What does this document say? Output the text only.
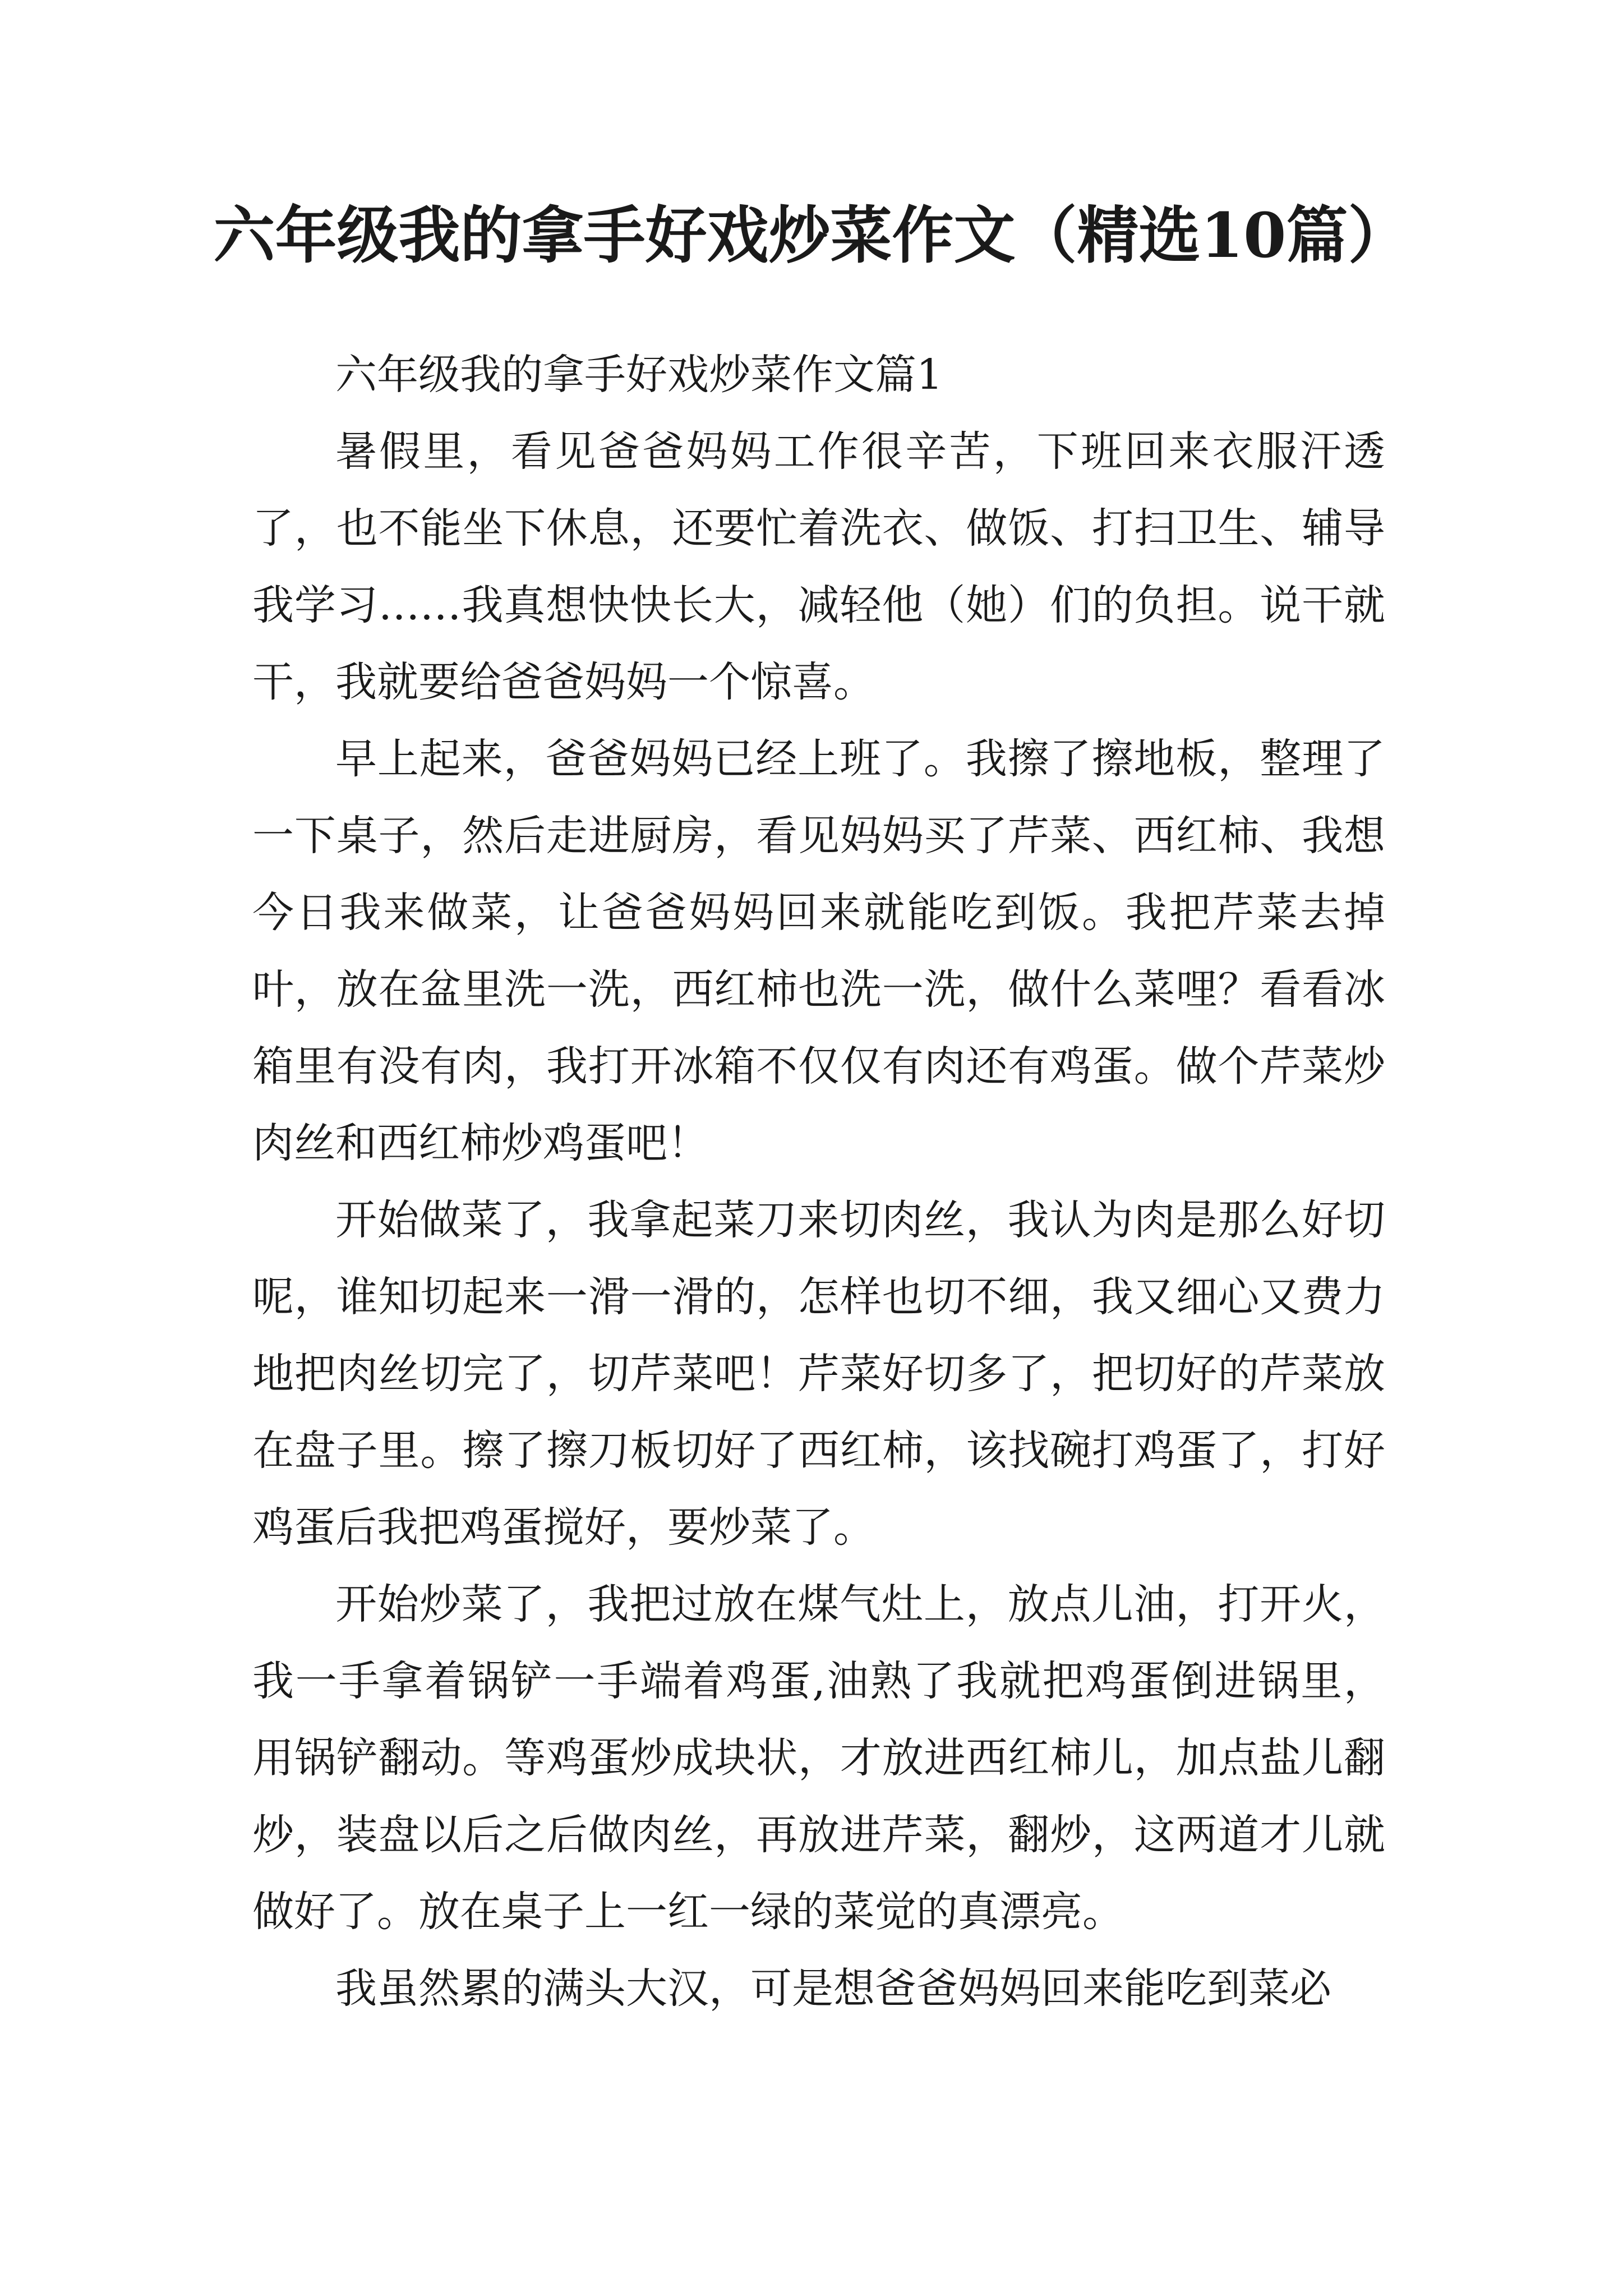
六年级我的拿手好戏炒菜作文（精选10篇）

六年级我的拿手好戏炒菜作文篇1

暑假里，看见爸爸妈妈工作很辛苦，下班回来衣服汗透了，也不能坐下休息，还要忙着洗衣、做饭、打扫卫生、辅导我学习……我真想快快长大，减轻他（她）们的负担。说干就干，我就要给爸爸妈妈一个惊喜。

早上起来，爸爸妈妈已经上班了。我擦了擦地板，整理了一下桌子，然后走进厨房，看见妈妈买了芹菜、西红柿、我想今日我来做菜，让爸爸妈妈回来就能吃到饭。我把芹菜去掉叶，放在盆里洗一洗，西红柿也洗一洗，做什么菜哩？看看冰箱里有没有肉，我打开冰箱不仅仅有肉还有鸡蛋。做个芹菜炒肉丝和西红柿炒鸡蛋吧！

开始做菜了，我拿起菜刀来切肉丝，我认为肉是那么好切呢，谁知切起来一滑一滑的，怎样也切不细，我又细心又费力地把肉丝切完了，切芹菜吧！芹菜好切多了，把切好的芹菜放在盘子里。擦了擦刀板切好了西红柿，该找碗打鸡蛋了，打好鸡蛋后我把鸡蛋搅好，要炒菜了。

开始炒菜了，我把过放在煤气灶上，放点儿油，打开火，我一手拿着锅铲一手端着鸡蛋,油熟了我就把鸡蛋倒进锅里，用锅铲翻动。等鸡蛋炒成块状，才放进西红柿儿，加点盐儿翻炒，装盘以后之后做肉丝，再放进芹菜，翻炒，这两道才儿就做好了。放在桌子上一红一绿的菜觉的真漂亮。

我虽然累的满头大汉，可是想爸爸妈妈回来能吃到菜必
